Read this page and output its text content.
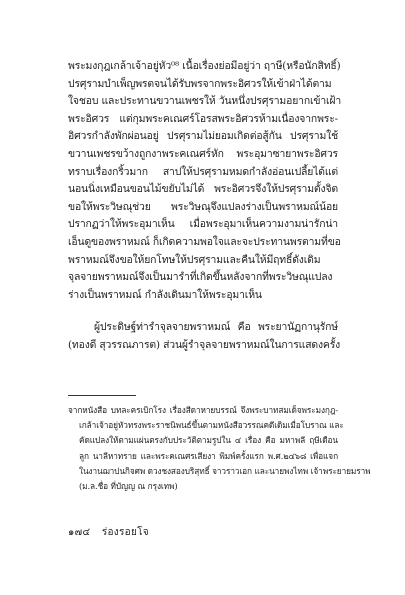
พระมงกุฎเกล้าเจ้าอยู่หัว⁰⁸ เนื้อเรื่องย่อมีอยู่ว่า ฤาษี(หรือนักสิทธิ์)
ปรศุรามบำเพ็ญพรตจนได้รับพรจากพระอิศวรให้เข้าฝ่าได้ตาม
ใจชอบ และประทานขวานเพชรให้ วันหนึ่งปรศุรามอยากเข้าเฝ้า
พระอิศวร แต่กุมพระคเณศร์โอรสพระอิศวรห้ามเนื่องจากพระ-
อิศวรกำลังพักผ่อนอยู่ ปรศุรามไม่ยอมเกิดต่อสู้กัน ปรศุรามใช้
ขวานเพชรขว้างถูกงาพระคเณศร์หัก พระอุมาซายาพระอิศวร
ทราบเรื่องกริ้วมาก สาปให้ปรศุรามหมดกำลังอ่อนเปลี้ยได้แต่
นอนนิ่งเหมือนขอนไม้ขยับไม่ได้ พระอิศวรจึงให้ปรศุรามตั้งจิต
ขอให้พระวิษณุช่วย พระวิษณุจึงแปลงร่างเป็นพราหมณ์น้อย
ปรากฏว่าให้พระอุมาเห็น เมื่อพระอุมาเห็นความงามน่ารักน่า
เอ็นดูของพราหมณ์ ก็เกิดความพอใจและจะประทานพรตามที่ขอ
พราหมณ์จึงขอให้ยกโทษให้ปรศุรามและคืนให้มีฤทธิ์ดังเดิม
จุลจายพราหมณ์จึงเป็นมารำที่เกิดขึ้นหลังจากที่พระวิษณุแปลง
ร่างเป็นพราหมณ์ กำลังเดินมาให้พระอุมาเห็น
ผู้ประดิษฐ์ท่ารำจุลจายพราหมณ์ คือ พระยานัฏกานุรักษ์
(ทองดี สุวรรณภารต) ส่วนผู้รำจุลจายพราหมณ์ในการแสดงครั้ง
จากหนังสือ บทละครเบิกโรง เรื่องสีดาหายบรรณ์ จึงพระบาทสมเด็จพระมงกุฎ-
เกล้าเจ้าอยู่หัวทรงพระราชนิพนธ์ขึ้นตามหนังสือวรรณคดีเดิมเมื่อโบราณ และ
คัดแปลงให้ตามแผ่นตรงกับประวัติตามรูปใน ๔ เรื่อง คือ มหาพลี ฤษีเดือน
ลูก นาลีหาทราย และพระคเณศรเสียงา พิมพ์ครั้งแรก พ.ศ.๒๔๖๘ เพื่อแจก
ในงานฌาปนกิจศพ ดวงชงสองบริสุทธิ์ จาวราวเอก และนายพงไทพ เจ้าพระยายมราพ
(ม.ล.ชื่อ ที่บัญญ ณ กรุงเทพ)
๑๗๔ ร่องรอยโจ
